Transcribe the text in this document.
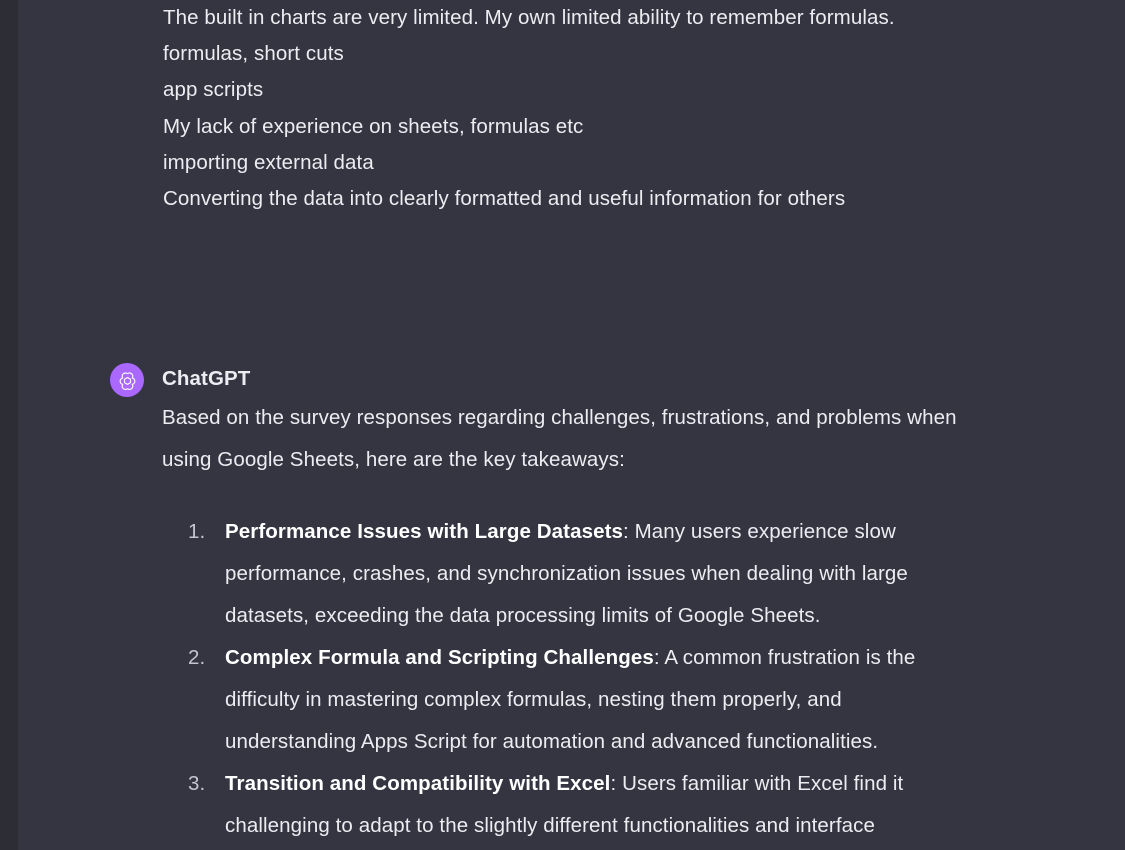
The built in charts are very limited. My own limited ability to remember formulas.

formulas, short cuts

app scripts

My lack of experience on sheets, formulas etc

importing external data

Converting the data into clearly formatted and useful information for others

ChatGPT

Based on the survey responses regarding challenges, frustrations, and problems when using Google Sheets, here are the key takeaways:

Performance Issues with Large Datasets: Many users experience slow performance, crashes, and synchronization issues when dealing with large datasets, exceeding the data processing limits of Google Sheets.
Complex Formula and Scripting Challenges: A common frustration is the difficulty in mastering complex formulas, nesting them properly, and understanding Apps Script for automation and advanced functionalities.
Transition and Compatibility with Excel: Users familiar with Excel find it challenging to adapt to the slightly different functionalities and interface
